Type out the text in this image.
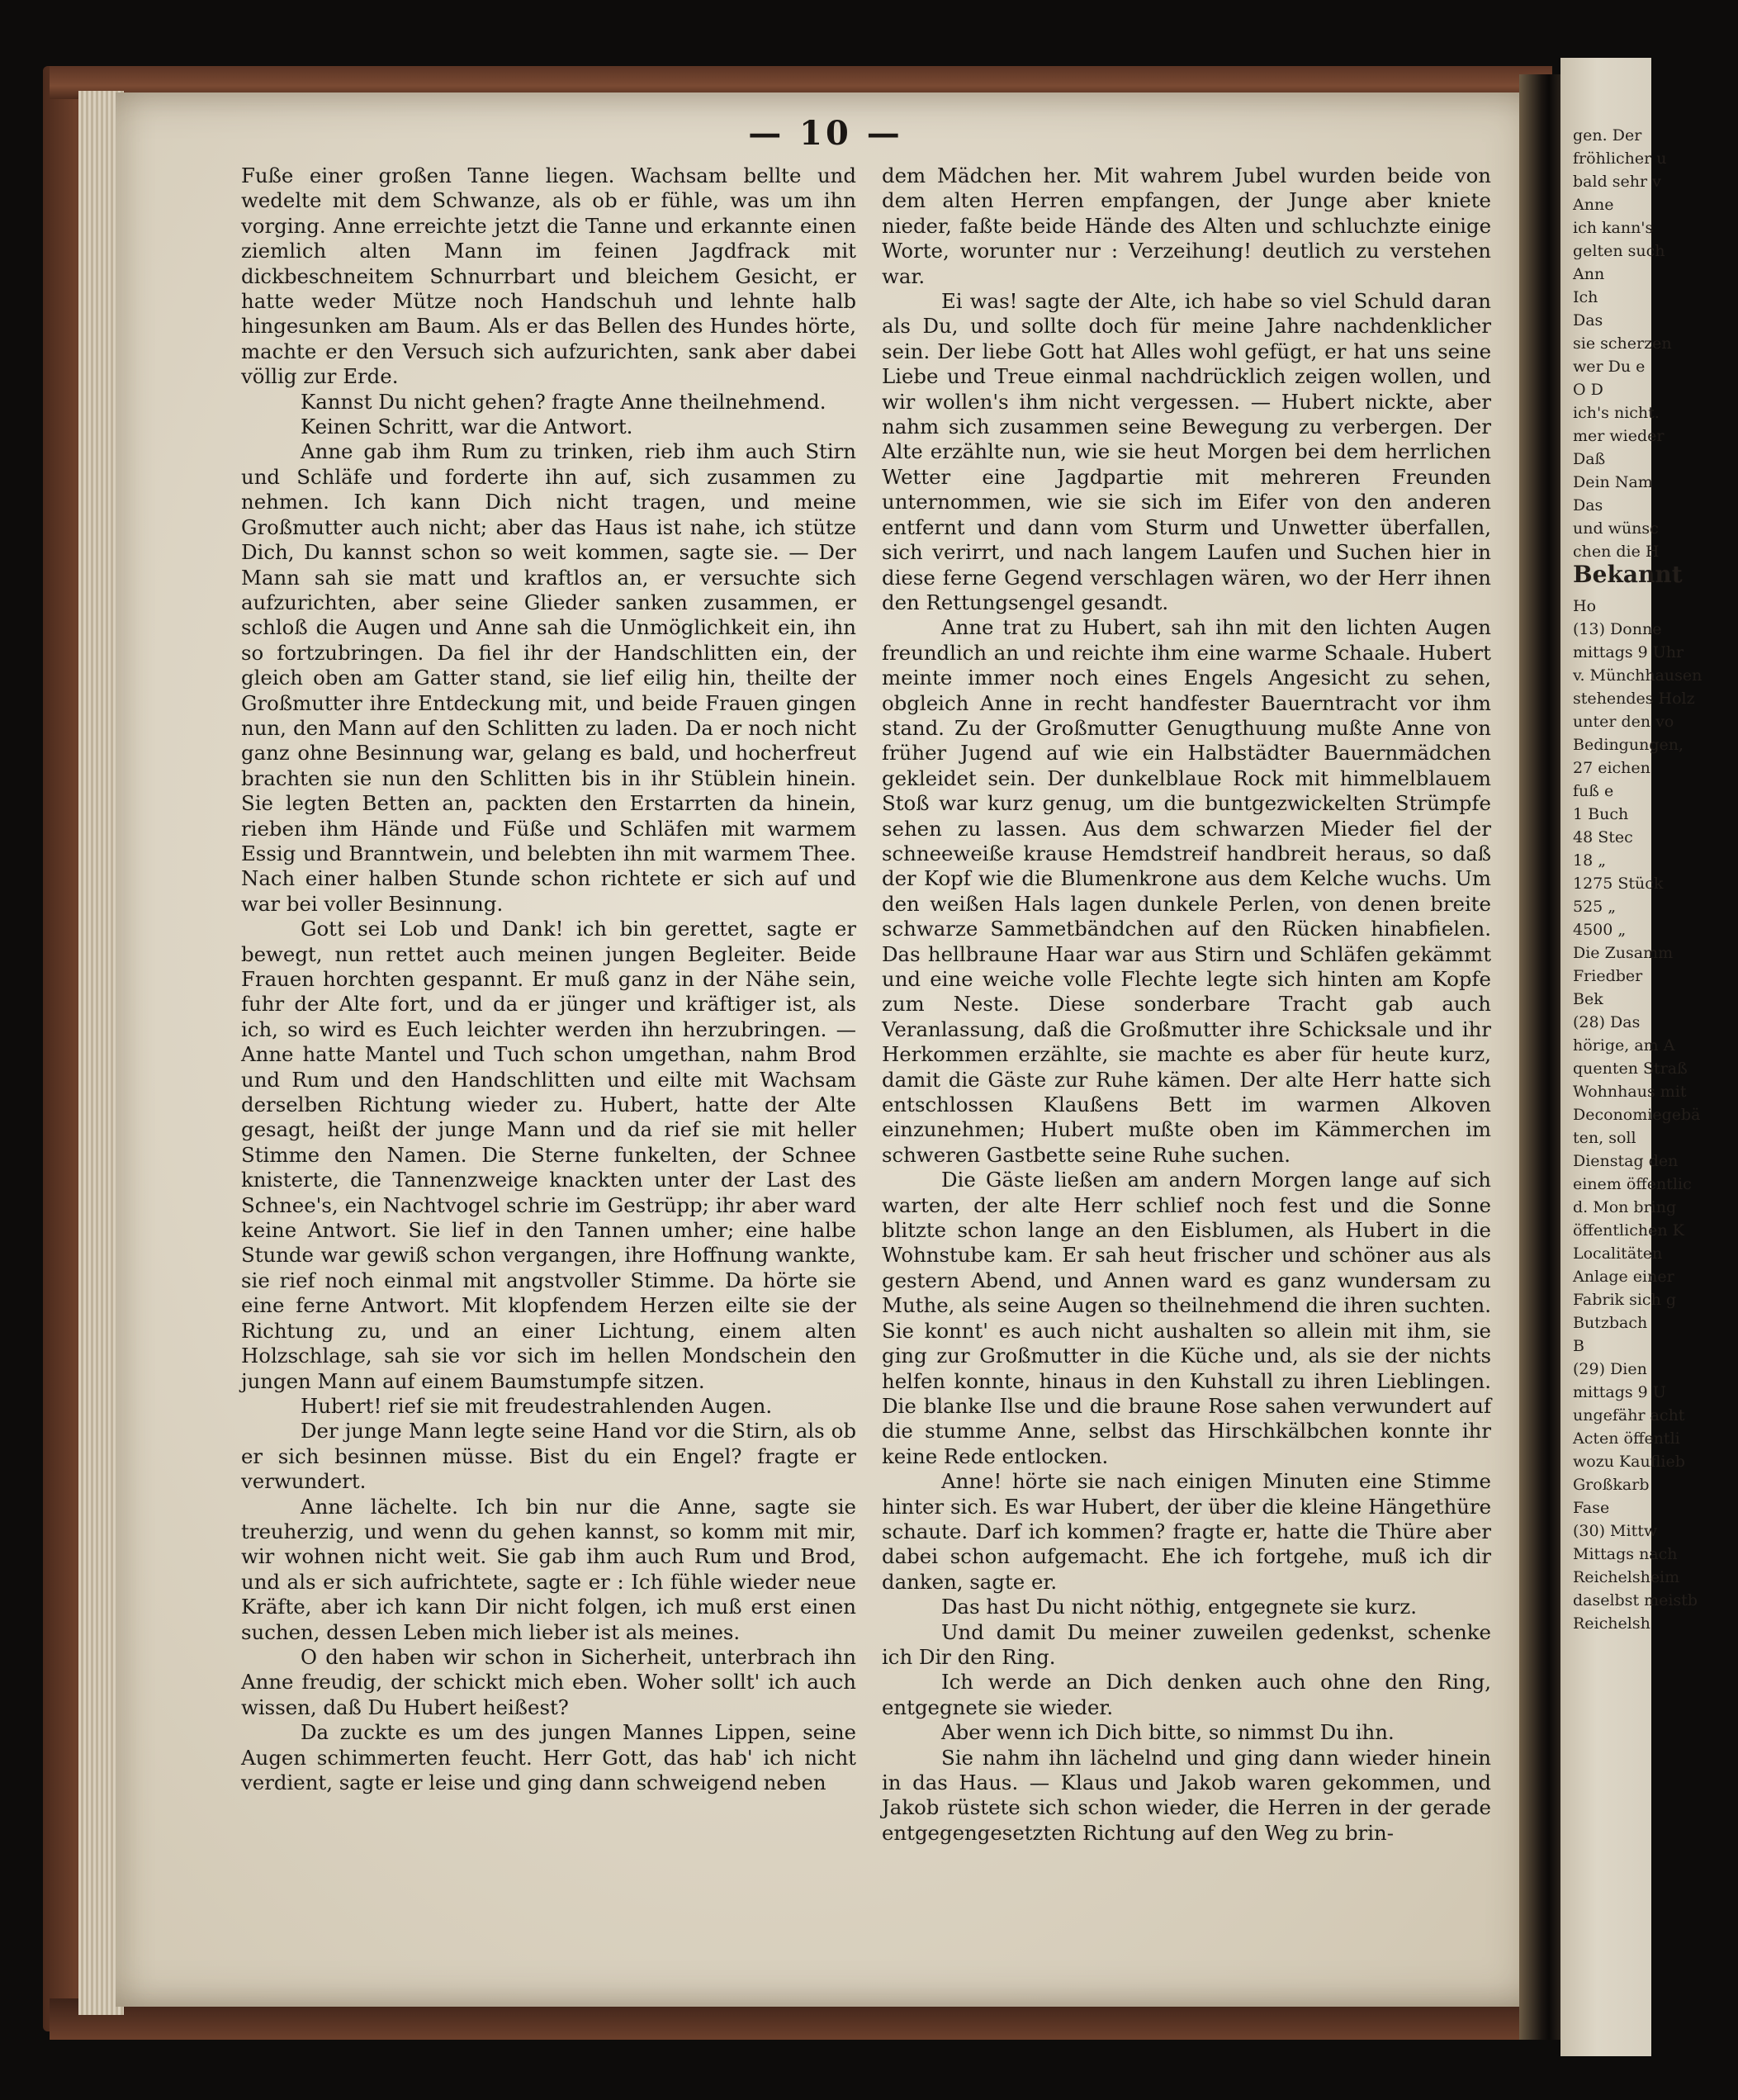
— 10 —

Fuße einer großen Tanne liegen. Wachsam bellte und wedelte mit dem Schwanze, als ob er fühle, was um ihn vorging. Anne erreichte jetzt die Tanne und erkannte einen ziemlich alten Mann im feinen Jagdfrack mit dickbeschneitem Schnurrbart und bleichem Gesicht, er hatte weder Mütze noch Handschuh und lehnte halb hingesunken am Baum. Als er das Bellen des Hundes hörte, machte er den Versuch sich aufzurichten, sank aber dabei völlig zur Erde.

Kannst Du nicht gehen? fragte Anne theilnehmend.

Keinen Schritt, war die Antwort.

Anne gab ihm Rum zu trinken, rieb ihm auch Stirn und Schläfe und forderte ihn auf, sich zusammen zu nehmen. Ich kann Dich nicht tragen, und meine Großmutter auch nicht; aber das Haus ist nahe, ich stütze Dich, Du kannst schon so weit kommen, sagte sie. — Der Mann sah sie matt und kraftlos an, er versuchte sich aufzurichten, aber seine Glieder sanken zusammen, er schloß die Augen und Anne sah die Unmöglichkeit ein, ihn so fortzubringen. Da fiel ihr der Handschlitten ein, der gleich oben am Gatter stand, sie lief eilig hin, theilte der Großmutter ihre Entdeckung mit, und beide Frauen gingen nun, den Mann auf den Schlitten zu laden. Da er noch nicht ganz ohne Besinnung war, gelang es bald, und hocherfreut brachten sie nun den Schlitten bis in ihr Stüblein hinein. Sie legten Betten an, packten den Erstarrten da hinein, rieben ihm Hände und Füße und Schläfen mit warmem Essig und Branntwein, und belebten ihn mit warmem Thee. Nach einer halben Stunde schon richtete er sich auf und war bei voller Besinnung.

Gott sei Lob und Dank! ich bin gerettet, sagte er bewegt, nun rettet auch meinen jungen Begleiter. Beide Frauen horchten gespannt. Er muß ganz in der Nähe sein, fuhr der Alte fort, und da er jünger und kräftiger ist, als ich, so wird es Euch leichter werden ihn herzubringen. — Anne hatte Mantel und Tuch schon umgethan, nahm Brod und Rum und den Handschlitten und eilte mit Wachsam derselben Richtung wieder zu. Hubert, hatte der Alte gesagt, heißt der junge Mann und da rief sie mit heller Stimme den Namen. Die Sterne funkelten, der Schnee knisterte, die Tannenzweige knackten unter der Last des Schnee's, ein Nachtvogel schrie im Gestrüpp; ihr aber ward keine Antwort. Sie lief in den Tannen umher; eine halbe Stunde war gewiß schon vergangen, ihre Hoffnung wankte, sie rief noch einmal mit angstvoller Stimme. Da hörte sie eine ferne Antwort. Mit klopfendem Herzen eilte sie der Richtung zu, und an einer Lichtung, einem alten Holzschlage, sah sie vor sich im hellen Mondschein den jungen Mann auf einem Baumstumpfe sitzen.

Hubert! rief sie mit freudestrahlenden Augen.

Der junge Mann legte seine Hand vor die Stirn, als ob er sich besinnen müsse. Bist du ein Engel? fragte er verwundert.

Anne lächelte. Ich bin nur die Anne, sagte sie treuherzig, und wenn du gehen kannst, so komm mit mir, wir wohnen nicht weit. Sie gab ihm auch Rum und Brod, und als er sich aufrichtete, sagte er : Ich fühle wieder neue Kräfte, aber ich kann Dir nicht folgen, ich muß erst einen suchen, dessen Leben mich lieber ist als meines.

O den haben wir schon in Sicherheit, unterbrach ihn Anne freudig, der schickt mich eben. Woher sollt' ich auch wissen, daß Du Hubert heißest?

Da zuckte es um des jungen Mannes Lippen, seine Augen schimmerten feucht. Herr Gott, das hab' ich nicht verdient, sagte er leise und ging dann schweigend neben

dem Mädchen her. Mit wahrem Jubel wurden beide von dem alten Herren empfangen, der Junge aber kniete nieder, faßte beide Hände des Alten und schluchzte einige Worte, worunter nur : Verzeihung! deutlich zu verstehen war.

Ei was! sagte der Alte, ich habe so viel Schuld daran als Du, und sollte doch für meine Jahre nachdenklicher sein. Der liebe Gott hat Alles wohl gefügt, er hat uns seine Liebe und Treue einmal nachdrücklich zeigen wollen, und wir wollen's ihm nicht vergessen. — Hubert nickte, aber nahm sich zusammen seine Bewegung zu verbergen. Der Alte erzählte nun, wie sie heut Morgen bei dem herrlichen Wetter eine Jagdpartie mit mehreren Freunden unternommen, wie sie sich im Eifer von den anderen entfernt und dann vom Sturm und Unwetter überfallen, sich verirrt, und nach langem Laufen und Suchen hier in diese ferne Gegend verschlagen wären, wo der Herr ihnen den Rettungsengel gesandt.

Anne trat zu Hubert, sah ihn mit den lichten Augen freundlich an und reichte ihm eine warme Schaale. Hubert meinte immer noch eines Engels Angesicht zu sehen, obgleich Anne in recht handfester Bauerntracht vor ihm stand. Zu der Großmutter Genugthuung mußte Anne von früher Jugend auf wie ein Halbstädter Bauernmädchen gekleidet sein. Der dunkelblaue Rock mit himmelblauem Stoß war kurz genug, um die buntgezwickelten Strümpfe sehen zu lassen. Aus dem schwarzen Mieder fiel der schneeweiße krause Hemdstreif handbreit heraus, so daß der Kopf wie die Blumenkrone aus dem Kelche wuchs. Um den weißen Hals lagen dunkele Perlen, von denen breite schwarze Sammetbändchen auf den Rücken hinabfielen. Das hellbraune Haar war aus Stirn und Schläfen gekämmt und eine weiche volle Flechte legte sich hinten am Kopfe zum Neste. Diese sonderbare Tracht gab auch Veranlassung, daß die Großmutter ihre Schicksale und ihr Herkommen erzählte, sie machte es aber für heute kurz, damit die Gäste zur Ruhe kämen. Der alte Herr hatte sich entschlossen Klaußens Bett im warmen Alkoven einzunehmen; Hubert mußte oben im Kämmerchen im schweren Gastbette seine Ruhe suchen.

Die Gäste ließen am andern Morgen lange auf sich warten, der alte Herr schlief noch fest und die Sonne blitzte schon lange an den Eisblumen, als Hubert in die Wohnstube kam. Er sah heut frischer und schöner aus als gestern Abend, und Annen ward es ganz wundersam zu Muthe, als seine Augen so theilnehmend die ihren suchten. Sie konnt' es auch nicht aushalten so allein mit ihm, sie ging zur Großmutter in die Küche und, als sie der nichts helfen konnte, hinaus in den Kuhstall zu ihren Lieblingen. Die blanke Ilse und die braune Rose sahen verwundert auf die stumme Anne, selbst das Hirschkälbchen konnte ihr keine Rede entlocken.

Anne! hörte sie nach einigen Minuten eine Stimme hinter sich. Es war Hubert, der über die kleine Hängethüre schaute. Darf ich kommen? fragte er, hatte die Thüre aber dabei schon aufgemacht. Ehe ich fortgehe, muß ich dir danken, sagte er.

Das hast Du nicht nöthig, entgegnete sie kurz.

Und damit Du meiner zuweilen gedenkst, schenke ich Dir den Ring.

Ich werde an Dich denken auch ohne den Ring, entgegnete sie wieder.

Aber wenn ich Dich bitte, so nimmst Du ihn.

Sie nahm ihn lächelnd und ging dann wieder hinein in das Haus. — Klaus und Jakob waren gekommen, und Jakob rüstete sich schon wieder, die Herren in der gerade entgegengesetzten Richtung auf den Weg zu brin-

gen. Der
fröhlicher u
bald sehr v
Anne
ich kann's
gelten such
Ann
Ich
Das
sie scherzen
wer Du e
O D
ich's nicht.
mer wieder
Daß
Dein Nam
Das
und wünsc
chen die H
Bekannt
Ho
(13) Donne
mittags 9 Uhr
v. Münchhausen
stehendes Holz
unter den vo
Bedingungen,
27 eichen
fuß e
1 Buch
48 Stec
18 „
1275 Stück
525 „
4500 „
Die Zusamm
Friedber
Bek
(28) Das
hörige, am A
quenten Straß
Wohnhaus mit
Deconomiegebä
ten, soll
Dienstag den
einem öffentlic
d. Mon bring
öffentlichen K
Localitäten
Anlage einer
Fabrik sich g
Butzbach
B
(29) Dien
mittags 9 U
ungefähr acht
Acten öffentli
wozu Kauflieb
Großkarb
Fase
(30) Mittw
Mittags nach
Reichelsheim
daselbst meistb
Reichelsh
